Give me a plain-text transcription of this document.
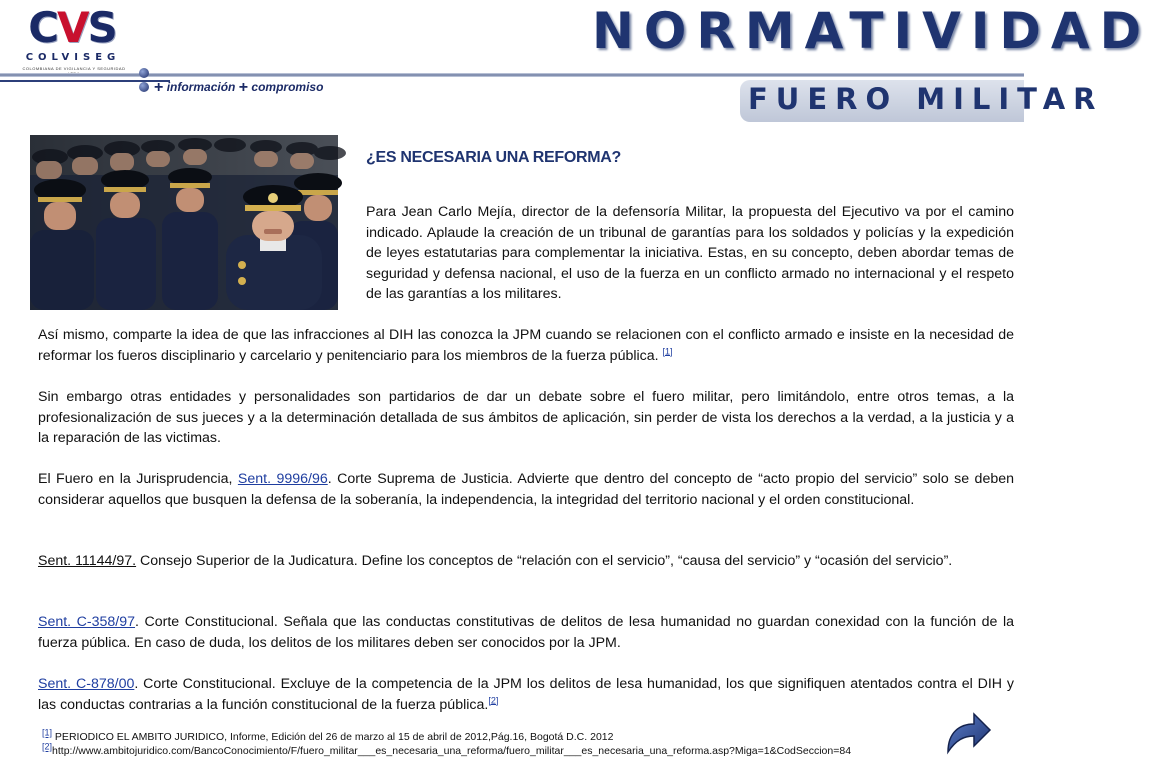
CVS
COLVISEG
COLOMBIANA DE VIGILANCIA Y SEGURIDAD
+ información + compromiso
NORMATIVIDAD
FUERO MILITAR
¿ES NECESARIA UNA REFORMA?

Para Jean Carlo Mejía, director de la defensoría Militar, la propuesta del Ejecutivo va por el camino indicado. Aplaude la creación de un tribunal de garantías para los soldados y policías y la expedición de leyes estatutarias para complementar la iniciativa. Estas, en su concepto, deben abordar temas de seguridad y defensa nacional, el uso de la fuerza en un conflicto armado no internacional y el respeto de las garantías a los militares.

Así mismo, comparte la idea de que las infracciones al DIH las conozca la JPM cuando se relacionen con el conflicto armado e insiste en la necesidad de reformar los fueros disciplinario y carcelario y penitenciario para los miembros de la fuerza pública. [1]

Sin embargo otras entidades y personalidades son partidarios de dar un debate sobre el fuero militar, pero limitándolo, entre otros temas, a la profesionalización de sus jueces y a la determinación detallada de sus ámbitos de aplicación, sin perder de vista los derechos a la verdad, a la justicia y a la reparación de las victimas.

El Fuero en la Jurisprudencia, Sent. 9996/96. Corte Suprema de Justicia. Advierte que dentro del concepto de “acto propio del servicio” solo se deben considerar aquellos que busquen la defensa de la soberanía, la independencia, la integridad del territorio nacional y el orden constitucional.

Sent. 11144/97. Consejo Superior de la Judicatura. Define los conceptos de “relación con el servicio”, “causa del servicio” y “ocasión del servicio”.

Sent. C-358/97. Corte Constitucional. Señala que las conductas constitutivas de delitos de lesa humanidad no guardan conexidad con la función de la fuerza pública. En caso de duda, los delitos de los militares deben ser conocidos por la JPM.

Sent. C-878/00. Corte Constitucional. Excluye de la competencia de la JPM los delitos de lesa humanidad, los que signifiquen atentados contra el DIH y las conductas contrarias a la función constitucional de la fuerza pública.[2]

[1] PERIODICO EL AMBITO JURIDICO, Informe, Edición del 26 de marzo al 15 de abril de 2012,Pág.16, Bogotá D.C. 2012
[2]http://www.ambitojuridico.com/BancoConocimiento/F/fuero_militar___es_necesaria_una_reforma/fuero_militar___es_necesaria_una_reforma.asp?Miga=1&CodSeccion=84
